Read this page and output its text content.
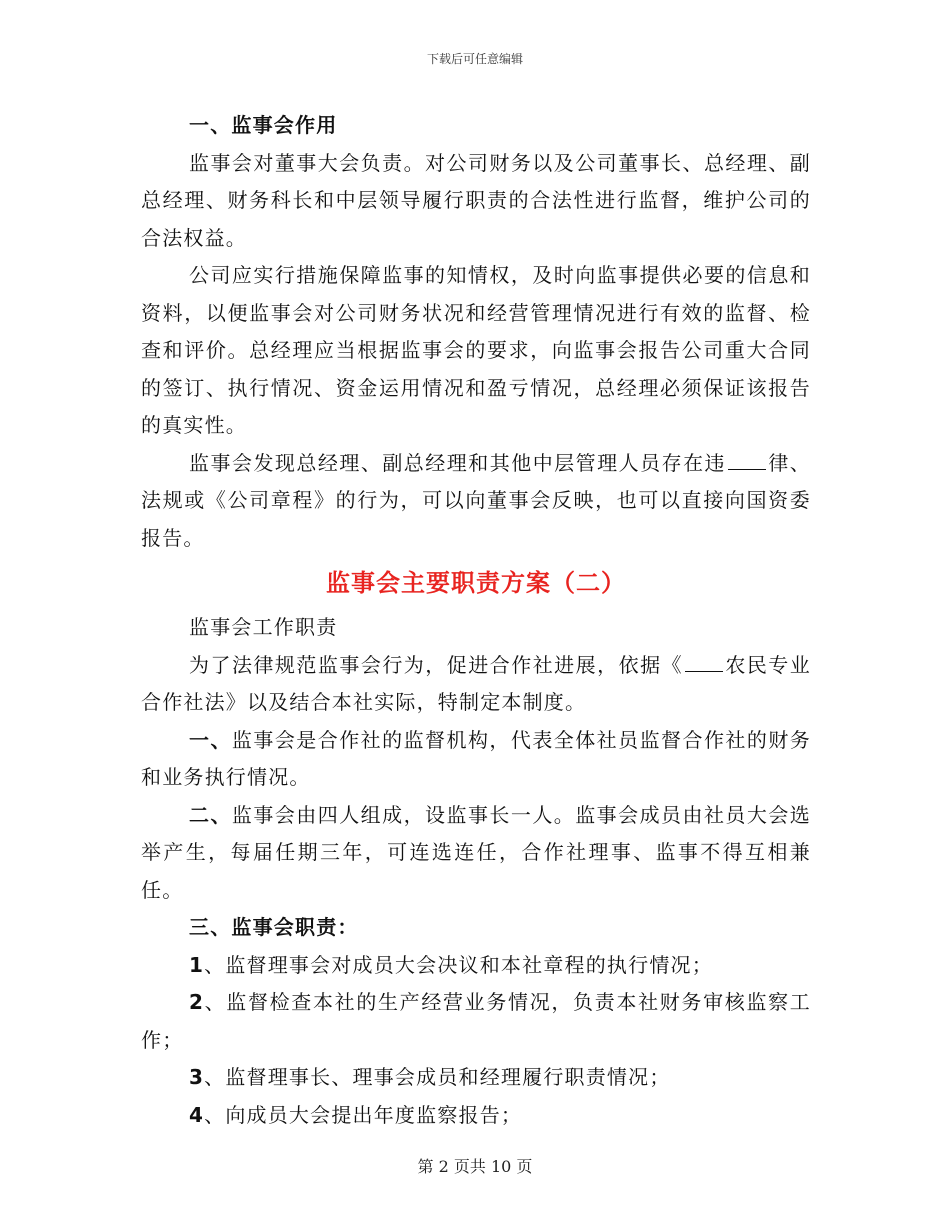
下载后可任意编辑

一、监事会作用

监事会对董事大会负责。对公司财务以及公司董事长、总经理、副总经理、财务科长和中层领导履行职责的合法性进行监督，维护公司的合法权益。

公司应实行措施保障监事的知情权，及时向监事提供必要的信息和资料，以便监事会对公司财务状况和经营管理情况进行有效的监督、检查和评价。总经理应当根据监事会的要求，向监事会报告公司重大合同的签订、执行情况、资金运用情况和盈亏情况，总经理必须保证该报告的真实性。

监事会发现总经理、副总经理和其他中层管理人员存在违 律、法规或《公司章程》的行为，可以向董事会反映，也可以直接向国资委报告。

监事会主要职责方案（二）

监事会工作职责

为了法律规范监事会行为，促进合作社进展，依据《 农民专业合作社法》以及结合本社实际，特制定本制度。

一、监事会是合作社的监督机构，代表全体社员监督合作社的财务和业务执行情况。

二、监事会由四人组成，设监事长一人。监事会成员由社员大会选举产生，每届任期三年，可连选连任，合作社理事、监事不得互相兼任。

三、监事会职责：

1、监督理事会对成员大会决议和本社章程的执行情况；

2、监督检查本社的生产经营业务情况，负责本社财务审核监察工作；

3、监督理事长、理事会成员和经理履行职责情况；

4、向成员大会提出年度监察报告；

第 2 页共 10 页
